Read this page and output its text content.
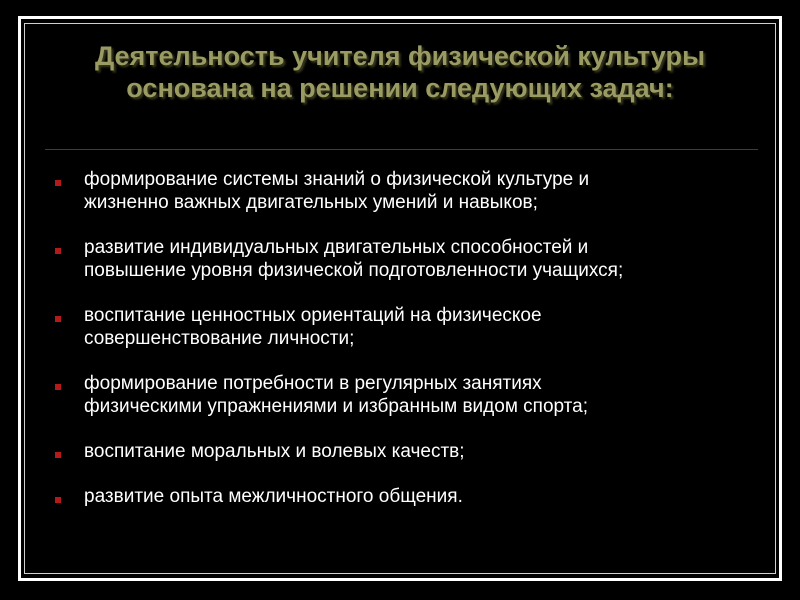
Деятельность учителя физической культуры
основана на решении следующих задач:
формирование системы знаний о физической культуре и
жизненно важных двигательных умений и навыков;
развитие индивидуальных двигательных способностей и
повышение уровня физической подготовленности учащихся;
воспитание ценностных ориентаций на физическое
совершенствование личности;
формирование потребности в регулярных занятиях
физическими упражнениями и избранным видом спорта;
воспитание моральных и волевых качеств;
развитие опыта межличностного общения.
